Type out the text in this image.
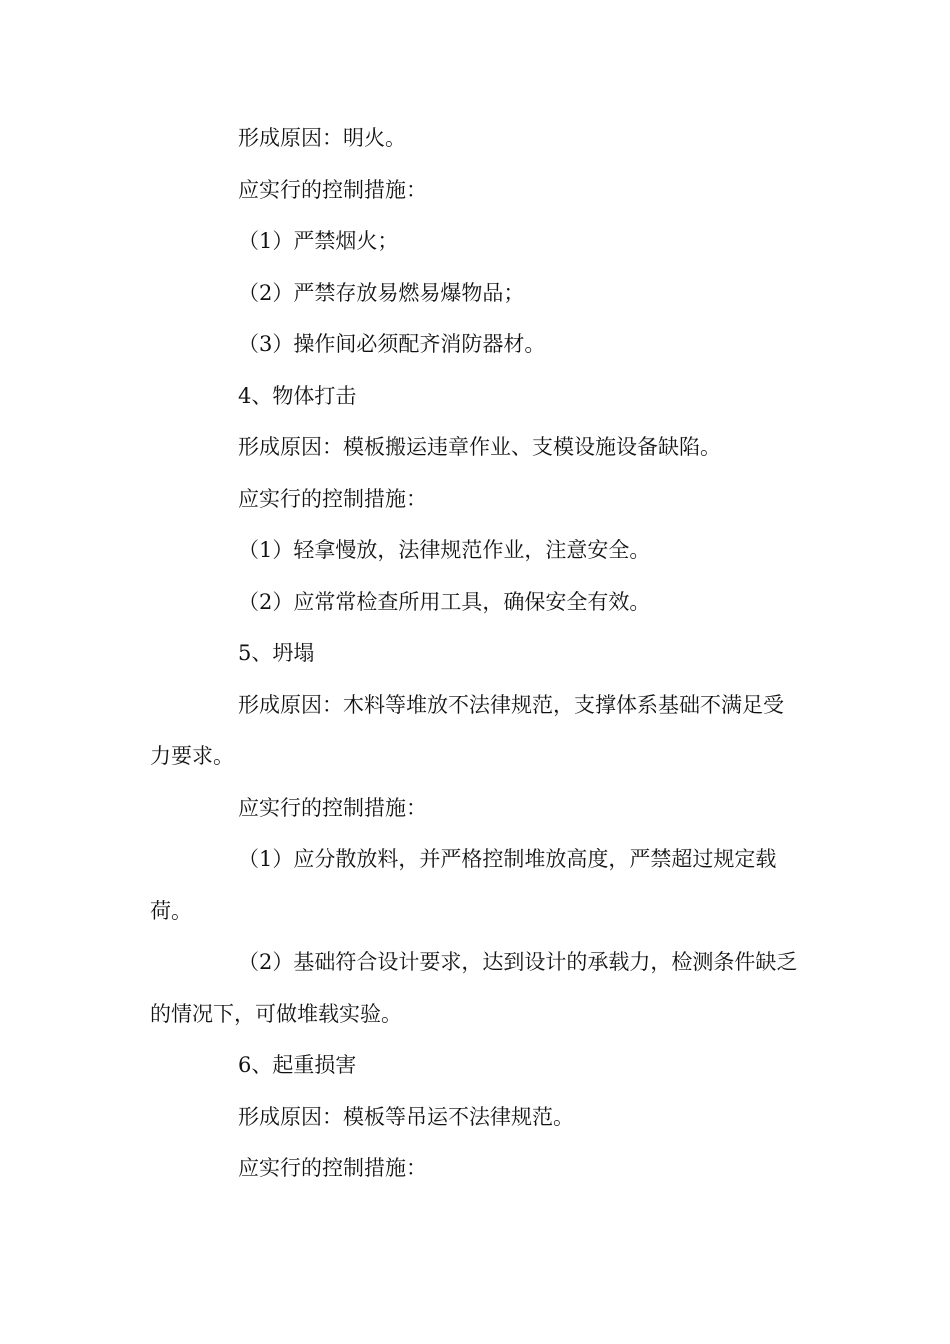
形成原因：明火。

应实行的控制措施：

（1）严禁烟火；

（2）严禁存放易燃易爆物品；

（3）操作间必须配齐消防器材。

4、物体打击

形成原因：模板搬运违章作业、支模设施设备缺陷。

应实行的控制措施：

（1）轻拿慢放，法律规范作业，注意安全。

（2）应常常检查所用工具，确保安全有效。

5、坍塌

形成原因：木料等堆放不法律规范，支撑体系基础不满足受力要求。

应实行的控制措施：

（1）应分散放料，并严格控制堆放高度，严禁超过规定载荷。

（2）基础符合设计要求，达到设计的承载力，检测条件缺乏的情况下，可做堆载实验。

6、起重损害

形成原因：模板等吊运不法律规范。

应实行的控制措施：
